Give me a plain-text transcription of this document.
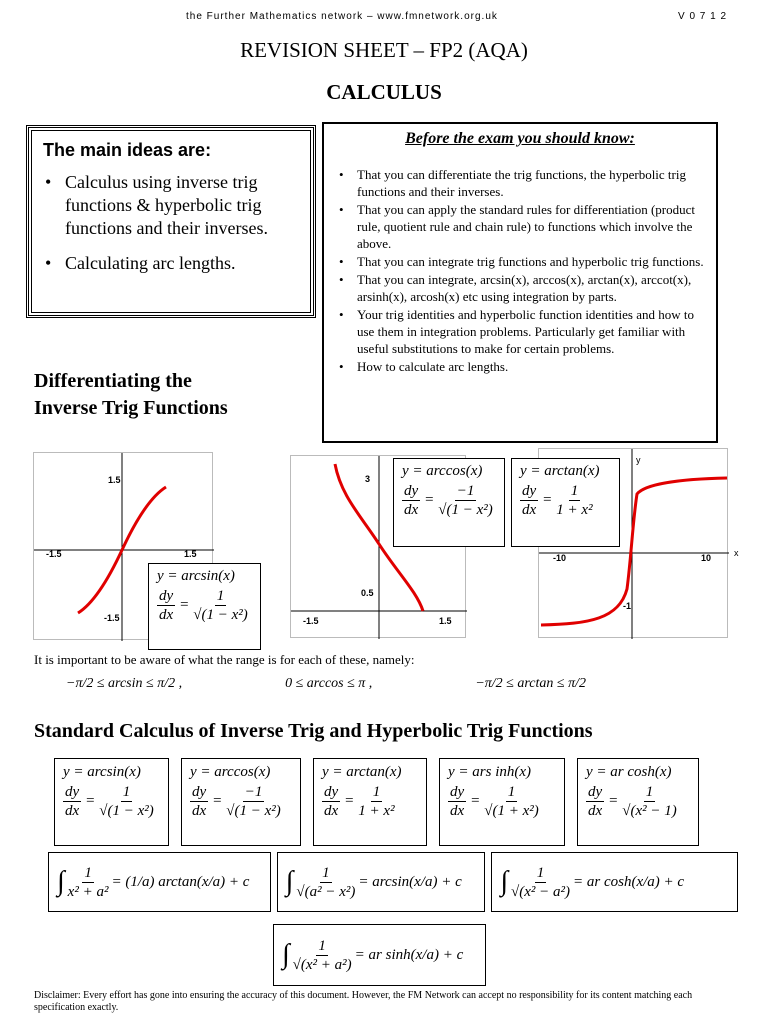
the Further Mathematics network – www.fmnetwork.org.uk	V 0 7 1 2
REVISION SHEET – FP2 (AQA)
CALCULUS
The main ideas are:
• Calculus using inverse trig functions & hyperbolic trig functions and their inverses.
• Calculating arc lengths.
Before the exam you should know:
• That you can differentiate the trig functions, the hyperbolic trig functions and their inverses.
• That you can apply the standard rules for differentiation (product rule, quotient rule and chain rule) to functions which involve the above.
• That you can integrate trig functions and hyperbolic trig functions.
• That you can integrate, arcsin(x), arccos(x), arctan(x), arccot(x), arsinh(x), arcosh(x) etc using integration by parts.
• Your trig identities and hyperbolic function identities and how to use them in integration problems. Particularly get familiar with useful substitutions to make for certain problems.
• How to calculate arc lengths.
Differentiating the
Inverse Trig Functions
1.5
-1.5
-1.5	1.5
y = arcsin(x)
$\frac{dy}{dx} = \frac{1}{\text{√(1 − x²)}}$
3
0.5
-1.5	1.5
y = arccos(x)
$\frac{dy}{dx} = \frac{-1}{\text{√(1 − x²)}}$
y
-10	10
-1
x
y = arctan(x)
$\frac{dy}{dx} = \frac{1}{\text{1 + x²}}$
It is important to be aware of what the range is for each of these, namely:
−π/2 ≤ arcsin ≤ π/2 ,	0 ≤ arccos ≤ π ,	−π/2 ≤ arctan ≤ π/2
Standard Calculus of Inverse Trig and Hyperbolic Trig Functions
y = arcsin(x)
$\frac{dy}{dx} = \frac{1}{\text{√(1 − x²)}}$
y = arccos(x)
$\frac{dy}{dx} = \frac{-1}{\text{√(1 − x²)}}$
y = arctan(x)
$\frac{dy}{dx} = \frac{1}{\text{1 + x²}}$
y = ars inh(x)
$\frac{dy}{dx} = \frac{1}{\text{√(1 + x²)}}$
y = ar cosh(x)
$\frac{dy}{dx} = \frac{1}{\text{√(x² − 1)}}$
∫ $\frac{1}{\text{x² + a²}} = (1/a) \arctan(x/a) + c$ ∫ $\frac{1}{\text{√(a² − x²)}} = \arcsin(x/a) + c$ ∫ $\frac{1}{\text{√(x² − a²)}}$ = ar cosh(x/a) + c
∫ $\frac{1}{\text{√(x² + a²)}}$ = ar sinh(x/a) + c
Disclaimer: Every effort has gone into ensuring the accuracy of this document. However, the FM Network can accept no responsibility for its content matching each specification exactly.
